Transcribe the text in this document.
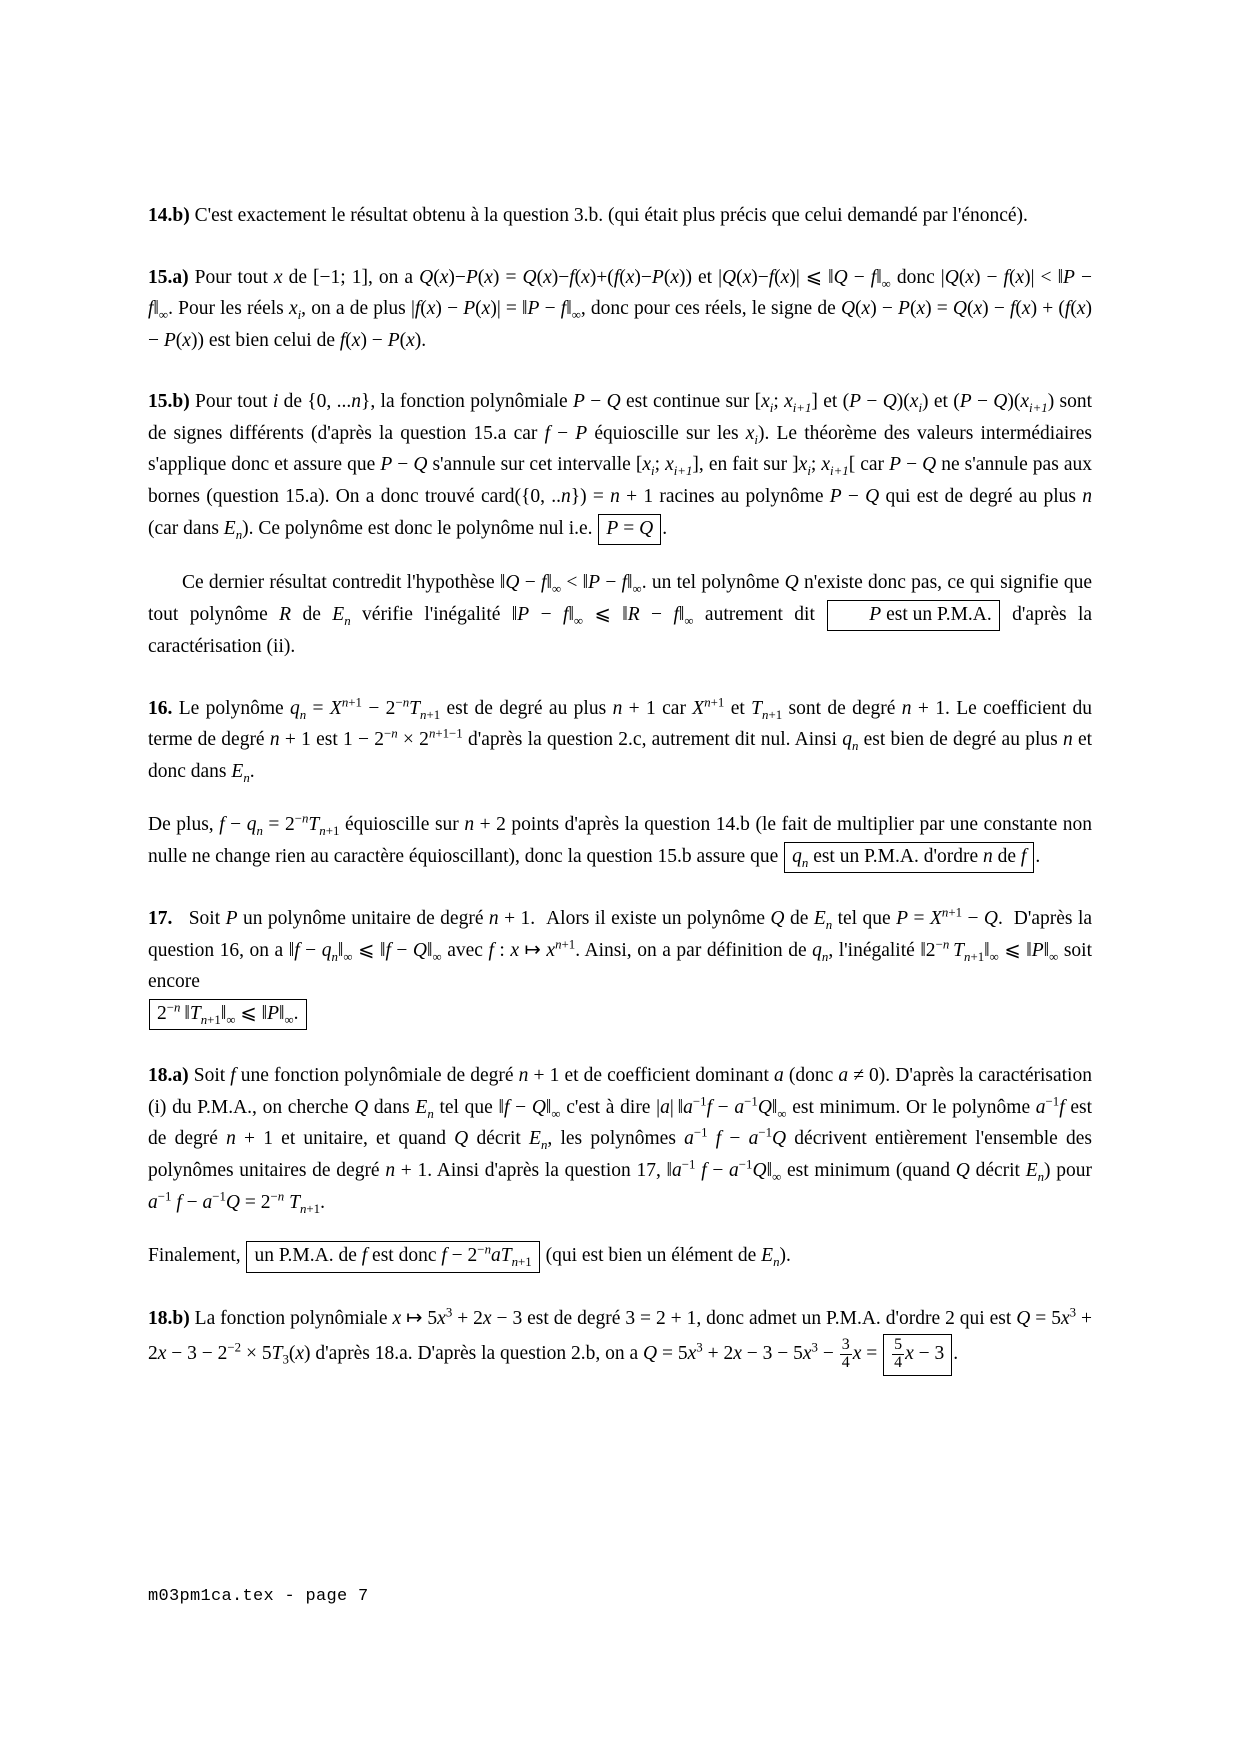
14.b) C'est exactement le résultat obtenu à la question 3.b. (qui était plus précis que celui demandé par l'énoncé).

15.a) Pour tout x de [−1; 1], on a Q(x)−P(x) = Q(x)−f(x)+(f(x)−P(x)) et |Q(x)−f(x)| ⩽ ‖Q − $f‖_\infty$ donc |Q(x) − f(x)| < ‖P − $f‖_\infty$. Pour les réels $x_i$, on a de plus |f(x) − P(x)| = ‖P − $f‖_\infty$, donc pour ces réels, le signe de Q(x) − P(x) = Q(x) − f(x) + (f(x) − P(x)) est bien celui de f(x) − P(x).

15.b) Pour tout i de {0, ...n}, la fonction polynômiale P − Q est continue sur [$x_i$; $x_{i+1}$] et $(P - Q)(x_i)$ et $(P - Q)(x_{i+1})$ sont de signes différents (d'après la question 15.a car f − P équioscille sur les $x_i$). Le théorème des valeurs intermédiaires s'applique donc et assure que P − Q s'annule sur cet intervalle [$x_i$; $x_{i+1}$], en fait sur ]$x_i$; $x_{i+1}$[ car P − Q ne s'annule pas aux bornes (question 15.a). On a donc trouvé card({0, ..n}) = n + 1 racines au polynôme P − Q qui est de degré au plus n (car dans $E_n$). Ce polynôme est donc le polynôme nul i.e. P = Q .

Ce dernier résultat contredit l'hypothèse ‖Q − $f‖_\infty$ < ‖P − $f‖_\infty$. un tel polynôme Q n'existe donc pas, ce qui signifie que tout polynôme R de $E_n$ vérifie l'inégalité ‖P − $f‖_\infty$ ⩽ ‖R − $f‖_\infty$ autrement dit P est un P.M.A. d'après la caractérisation (ii).

16. Le polynôme $q_n = X^{n+1} - 2^{-n}T_{n+1}$ est de degré au plus n + 1 car $X^{n+1}$ et $T_{n+1}$ sont de degré n + 1. Le coefficient du terme de degré n + 1 est $1 - 2^{-n} \times 2^{n+1-1}$ d'après la question 2.c, autrement dit nul. Ainsi $q_n$ est bien de degré au plus n et donc dans $E_n$.

De plus, $f - q_n = 2^{-n}T_{n+1}$ équioscille sur n + 2 points d'après la question 14.b (le fait de multiplier par une constante non nulle ne change rien au caractère équioscillant), donc la question 15.b assure que $q_n$ est un P.M.A. d'ordre n de f .

17.   Soit P un polynôme unitaire de degré n + 1.  Alors il existe un polynôme Q de $E_n$ tel que $P = X^{n+1} - Q$.  D'après la question 16, on a ‖f − $q_n‖_\infty$ ⩽ ‖f − $Q‖_\infty$ avec f : x ↦ $x^{n+1}$. Ainsi, on a par définition de $q_n$, l'inégalité $‖2^{-n}$  $T_{n+1}‖_\infty$ ⩽ $‖P‖_\infty$ soit encore
$2^{-n}$ $‖T_{n+1}‖_\infty$ ⩽ $‖P‖_\infty$.

18.a) Soit f une fonction polynômiale de degré n + 1 et de coefficient dominant a (donc a ≠ 0). D'après la caractérisation (i) du P.M.A., on cherche Q dans $E_n$ tel que ‖f − $Q‖_\infty$ c'est à dire |a| $‖a^{-1}f$ − $a^{-1}Q‖_\infty$ est minimum. Or le polynôme $a^{-1}f$ est de degré n + 1 et unitaire, et quand Q décrit $E_n$, les polynômes $a^{-1}$ $f - a^{-1}Q$ décrivent entièrement l'ensemble des polynômes unitaires de degré n + 1. Ainsi d'après la question 17, $‖a^{-1}$ $f - a^{-1}Q‖_\infty$ est minimum (quand Q décrit $E_n$) pour $a^{-1}$ $f - a^{-1}Q = 2^{-n}$ $T_{n+1}$.

Finalement, un P.M.A. de f est donc $f - 2^{-n}aT_{n+1}$ (qui est bien un élément de $E_n$).

18.b) La fonction polynômiale x ↦ $5x^3 + 2x - 3$ est de degré 3 = 2 + 1, donc admet un P.M.A. d'ordre 2 qui est $Q = 5x^3 + 2x - 3 - 2^{-2} \times 5T_3(x)$ d'après 18.a. D'après la question 2.b, on a $Q = 5x^3 + 2x - 3 - 5x^3 - \frac{3}{4}$ $x = \frac{5}{4}$ x − 3 .

m03pm1ca.tex - page 7
